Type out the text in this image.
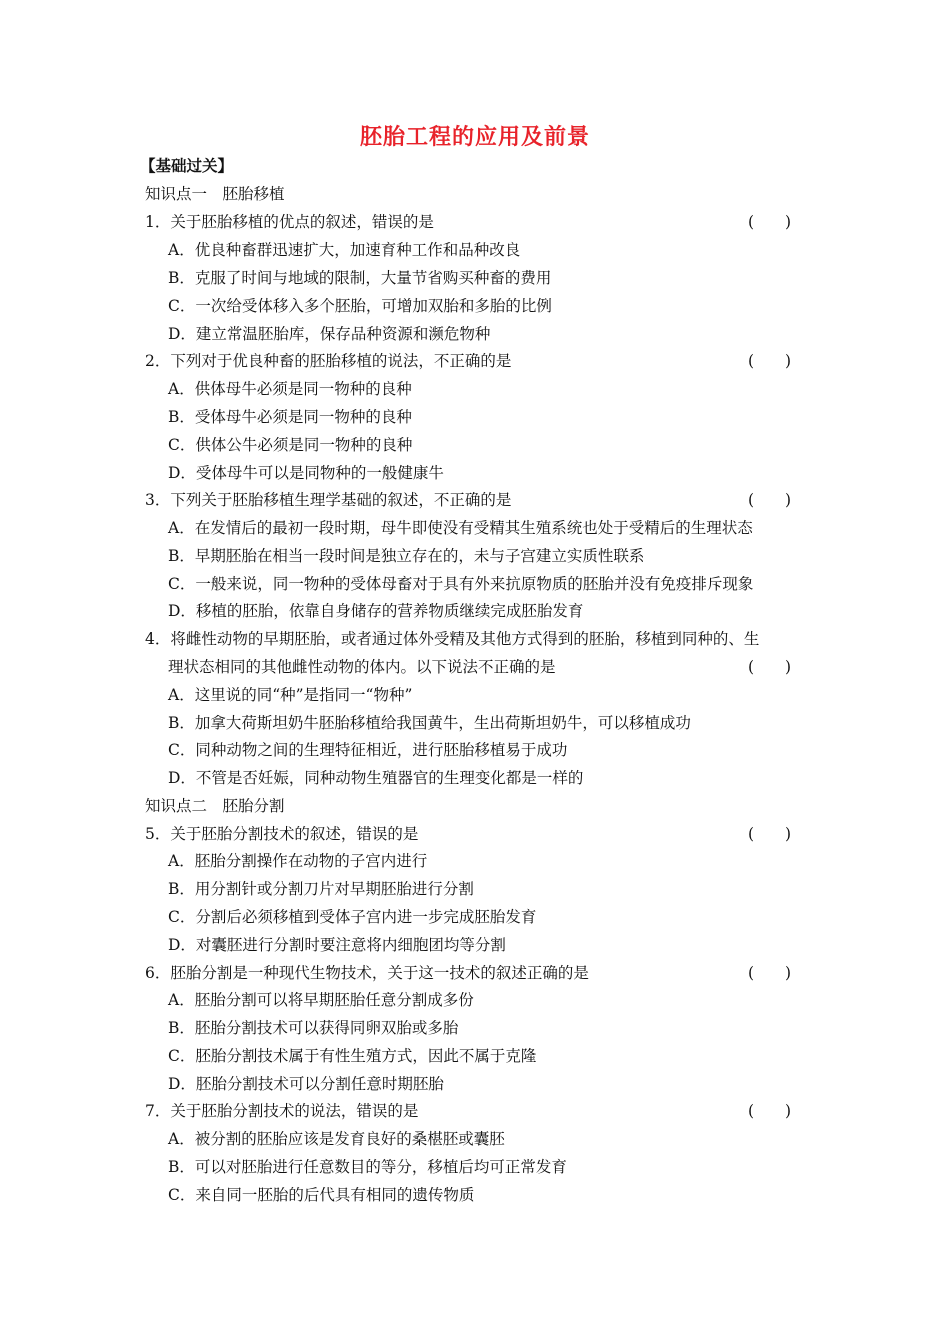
胚胎工程的应用及前景
【基础过关】
知识点一　胚胎移植
1．关于胚胎移植的优点的叙述，错误的是	(　　)
A．优良种畜群迅速扩大，加速育种工作和品种改良
B．克服了时间与地域的限制，大量节省购买种畜的费用
C．一次给受体移入多个胚胎，可增加双胎和多胎的比例
D．建立常温胚胎库，保存品种资源和濒危物种
2．下列对于优良种畜的胚胎移植的说法，不正确的是	(　　)
A．供体母牛必须是同一物种的良种
B．受体母牛必须是同一物种的良种
C．供体公牛必须是同一物种的良种
D．受体母牛可以是同物种的一般健康牛
3．下列关于胚胎移植生理学基础的叙述，不正确的是	(　　)
A．在发情后的最初一段时期，母牛即使没有受精其生殖系统也处于受精后的生理状态
B．早期胚胎在相当一段时间是独立存在的，未与子宫建立实质性联系
C．一般来说，同一物种的受体母畜对于具有外来抗原物质的胚胎并没有免疫排斥现象
D．移植的胚胎，依靠自身储存的营养物质继续完成胚胎发育
4．将雌性动物的早期胚胎，或者通过体外受精及其他方式得到的胚胎，移植到同种的、生
理状态相同的其他雌性动物的体内。以下说法不正确的是	(　　)
A．这里说的同“种”是指同一“物种”
B．加拿大荷斯坦奶牛胚胎移植给我国黄牛，生出荷斯坦奶牛，可以移植成功
C．同种动物之间的生理特征相近，进行胚胎移植易于成功
D．不管是否妊娠，同种动物生殖器官的生理变化都是一样的
知识点二　胚胎分割
5．关于胚胎分割技术的叙述，错误的是	(　　)
A．胚胎分割操作在动物的子宫内进行
B．用分割针或分割刀片对早期胚胎进行分割
C．分割后必须移植到受体子宫内进一步完成胚胎发育
D．对囊胚进行分割时要注意将内细胞团均等分割
6．胚胎分割是一种现代生物技术，关于这一技术的叙述正确的是	(　　)
A．胚胎分割可以将早期胚胎任意分割成多份
B．胚胎分割技术可以获得同卵双胎或多胎
C．胚胎分割技术属于有性生殖方式，因此不属于克隆
D．胚胎分割技术可以分割任意时期胚胎
7．关于胚胎分割技术的说法，错误的是	(　　)
A．被分割的胚胎应该是发育良好的桑椹胚或囊胚
B．可以对胚胎进行任意数目的等分，移植后均可正常发育
C．来自同一胚胎的后代具有相同的遗传物质
